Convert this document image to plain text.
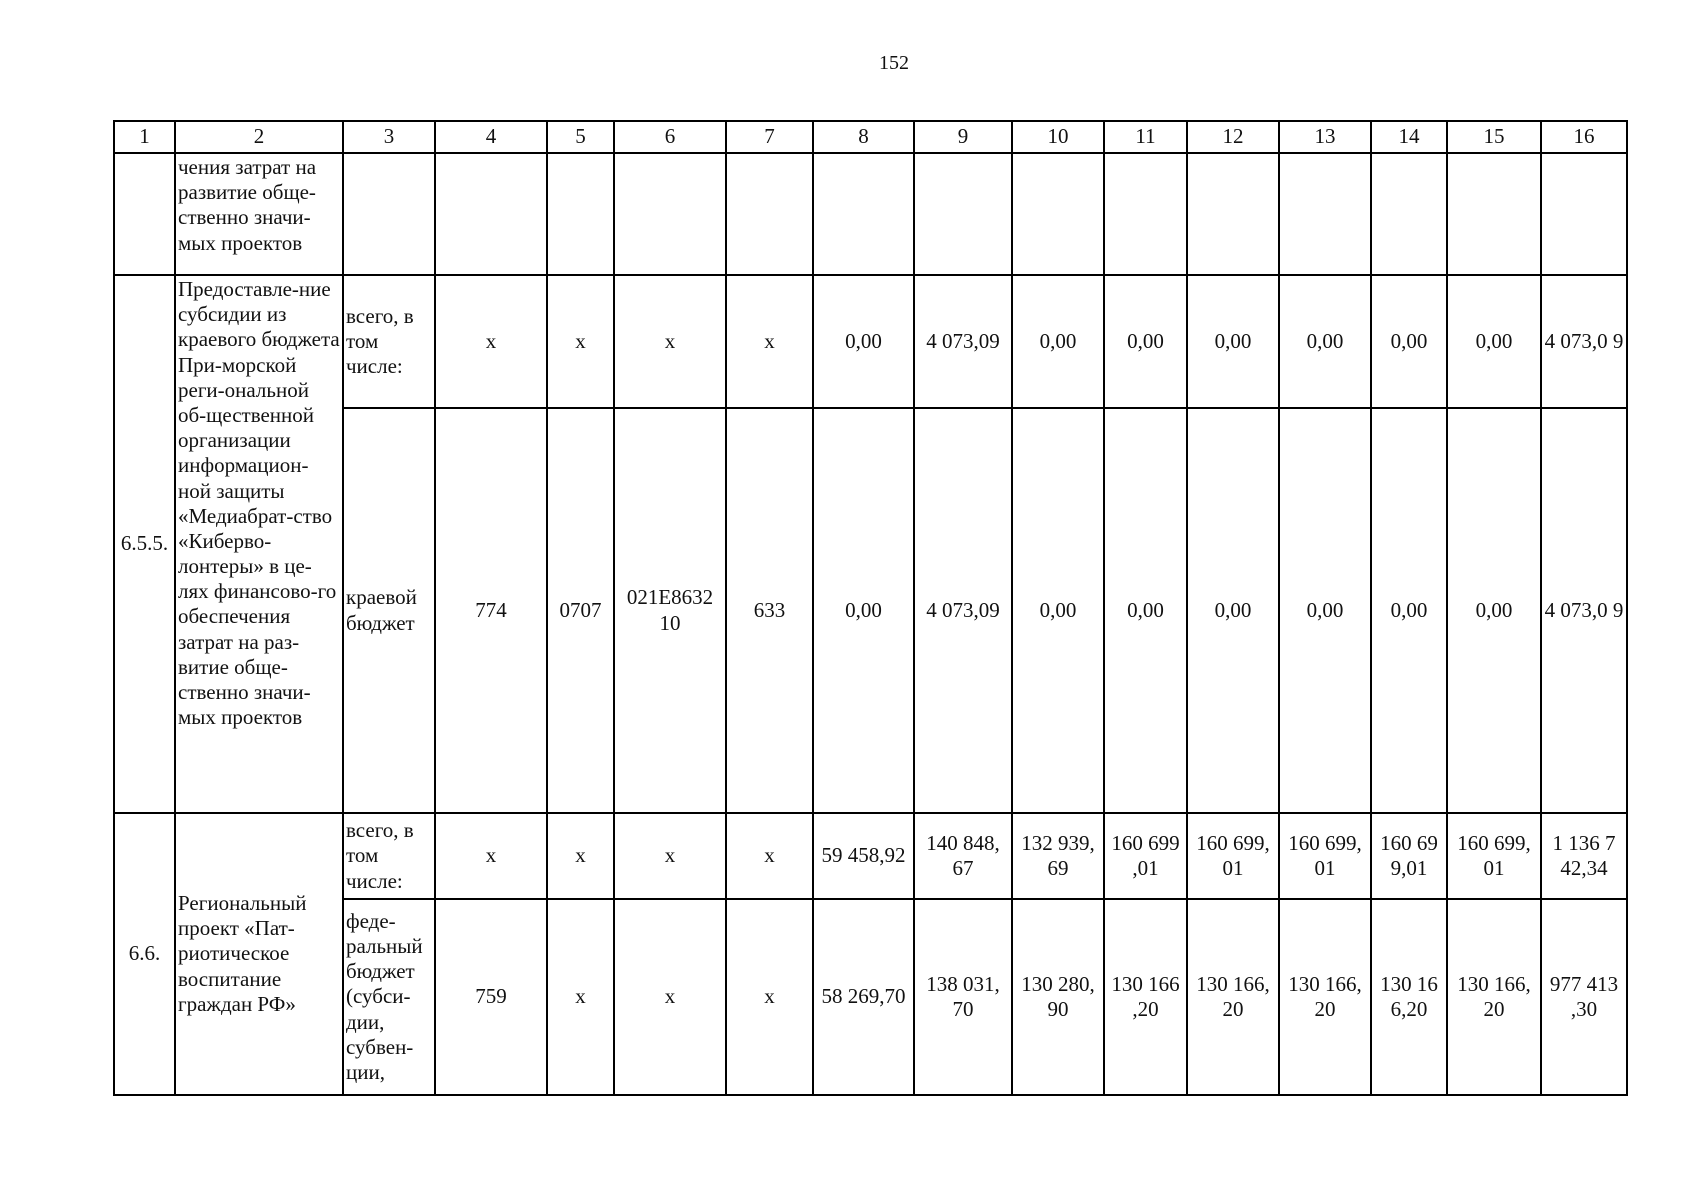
152
1	2	3	4	5	6	7	8	9	10	11	12	13	14	15	16
	чения затрат на развитие обще-ственно значи-мых проектов														
6.5.5.	Предоставле-ние субсидии из краевого бюджета При-морской реги-ональной об-щественной организации информацион-ной защиты «Медиабрат-ство «Киберво-лонтеры» в це-лях финансово-го обеспечения затрат на раз-витие обще-ственно значи-мых проектов	всего, в том числе:	x	x	x	x	0,00	4 073,09	0,00	0,00	0,00	0,00	0,00	0,00	4 073,0 9
		краевой бюджет	774	0707	021Е8632 10	633	0,00	4 073,09	0,00	0,00	0,00	0,00	0,00	0,00	4 073,0 9
6.6.	Региональный проект «Пат-риотическое воспитание граждан РФ»	всего, в том числе:	x	x	x	x	59 458,92	140 848, 67	132 939, 69	160 699 ,01	160 699, 01	160 699, 01	160 69 9,01	160 699, 01	1 136 7 42,34
		феде-ральный бюджет (субси-дии, субвен-ции,	759	x	x	x	58 269,70	138 031, 70	130 280, 90	130 166 ,20	130 166, 20	130 166, 20	130 16 6,20	130 166, 20	977 413 ,30
